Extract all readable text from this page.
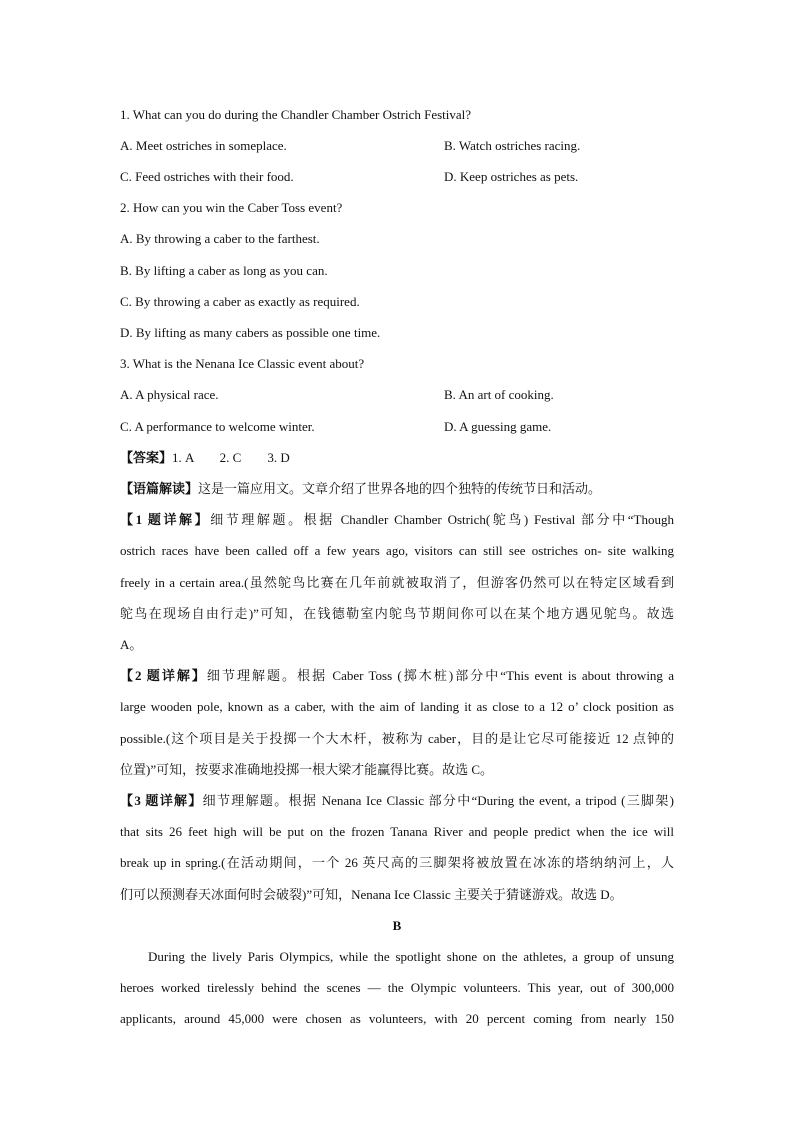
1. What can you do during the Chandler Chamber Ostrich Festival?
A. Meet ostriches in someplace.	B. Watch ostriches racing.
C. Feed ostriches with their food.	D. Keep ostriches as pets.
2. How can you win the Caber Toss event?
A. By throwing a caber to the farthest.
B. By lifting a caber as long as you can.
C. By throwing a caber as exactly as required.
D. By lifting as many cabers as possible one time.
3. What is the Nenana Ice Classic event about?
A. A physical race.	B. An art of cooking.
C. A performance to welcome winter.	D. A guessing game.
【答案】1. A        2. C        3. D
【语篇解读】这是一篇应用文。文章介绍了世界各地的四个独特的传统节日和活动。
【1 题详解】细节理解题。根据 Chandler Chamber Ostrich(鸵鸟) Festival 部分中“Though
ostrich races have been called off a few years ago, visitors can still see ostriches on- site walking
freely in a certain area.(虽然鸵鸟比赛在几年前就被取消了，但游客仍然可以在特定区域看到
鸵鸟在现场自由行走)”可知，在钱德勒室内鸵鸟节期间你可以在某个地方遇见鸵鸟。故选
A。
【2 题详解】细节理解题。根据 Caber Toss (掷木桩)部分中“This event is about throwing a
large wooden pole, known as a caber, with the aim of landing it as close to a 12 o’ clock position as
possible.(这个项目是关于投掷一个大木杆，被称为 caber，目的是让它尽可能接近 12 点钟的
位置)”可知，按要求准确地投掷一根大梁才能赢得比赛。故选 C。
【3 题详解】细节理解题。根据 Nenana Ice Classic 部分中“During the event, a tripod (三脚架)
that sits 26 feet high will be put on the frozen Tanana River and people predict when the ice will
break up in spring.(在活动期间，一个 26 英尺高的三脚架将被放置在冰冻的塔纳纳河上，人
们可以预测春天冰面何时会破裂)”可知，Nenana Ice Classic 主要关于猜谜游戏。故选 D。
B
During the lively Paris Olympics, while the spotlight shone on the athletes, a group of unsung
heroes worked tirelessly behind the scenes — the Olympic volunteers. This year, out of 300,000
applicants, around 45,000 were chosen as volunteers, with 20 percent coming from nearly 150
